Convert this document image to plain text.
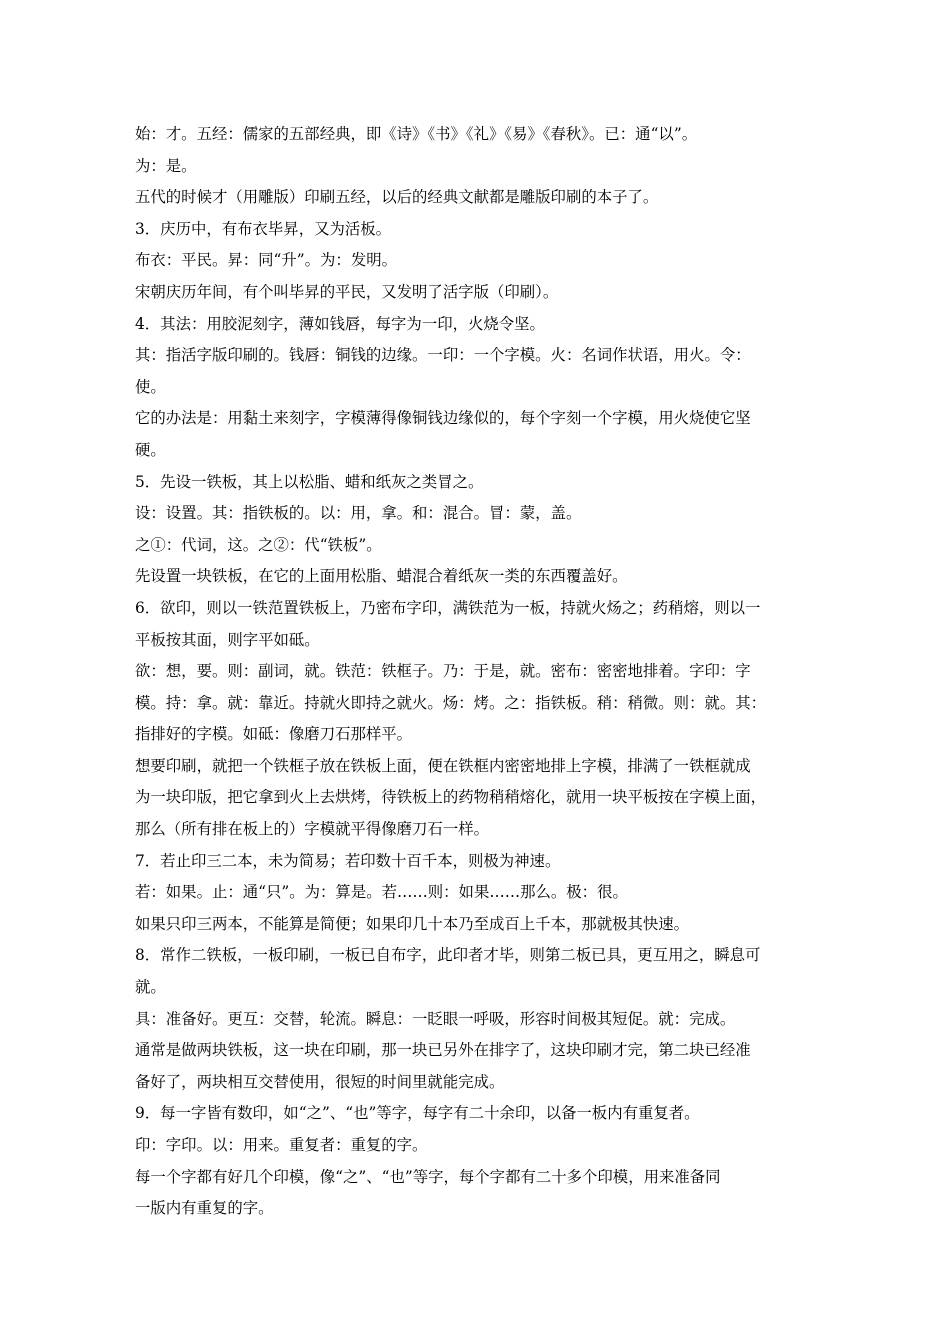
始：才。五经：儒家的五部经典，即《诗》《书》《礼》《易》《春秋》。已：通“以”。

为：是。

五代的时候才（用雕版）印刷五经，以后的经典文献都是雕版印刷的本子了。

3．庆历中，有布衣毕昇，又为活板。

布衣：平民。昇：同“升”。为：发明。

宋朝庆历年间，有个叫毕昇的平民，又发明了活字版（印刷）。

4．其法：用胶泥刻字，薄如钱唇，每字为一印，火烧令坚。

其：指活字版印刷的。钱唇：铜钱的边缘。一印：一个字模。火：名词作状语，用火。令：

使。

它的办法是：用黏土来刻字，字模薄得像铜钱边缘似的，每个字刻一个字模，用火烧使它坚

硬。

5．先设一铁板，其上以松脂、蜡和纸灰之类冒之。

设：设置。其：指铁板的。以：用，拿。和：混合。冒：蒙，盖。

之①：代词，这。之②：代“铁板”。

先设置一块铁板，在它的上面用松脂、蜡混合着纸灰一类的东西覆盖好。

6．欲印，则以一铁范置铁板上，乃密布字印，满铁范为一板，持就火炀之；药稍熔，则以一

平板按其面，则字平如砥。

欲：想，要。则：副词，就。铁范：铁框子。乃：于是，就。密布：密密地排着。字印：字

模。持：拿。就：靠近。持就火即持之就火。炀：烤。之：指铁板。稍：稍微。则：就。其：

指排好的字模。如砥：像磨刀石那样平。

想要印刷，就把一个铁框子放在铁板上面，便在铁框内密密地排上字模，排满了一铁框就成

为一块印版，把它拿到火上去烘烤，待铁板上的药物稍稍熔化，就用一块平板按在字模上面，

那么（所有排在板上的）字模就平得像磨刀石一样。

7．若止印三二本，未为简易；若印数十百千本，则极为神速。

若：如果。止：通“只”。为：算是。若……则：如果……那么。极：很。

如果只印三两本，不能算是简便；如果印几十本乃至成百上千本，那就极其快速。

8．常作二铁板，一板印刷，一板已自布字，此印者才毕，则第二板已具，更互用之，瞬息可

就。

具：准备好。更互：交替，轮流。瞬息：一眨眼一呼吸，形容时间极其短促。就：完成。

通常是做两块铁板，这一块在印刷，那一块已另外在排字了，这块印刷才完，第二块已经准

备好了，两块相互交替使用，很短的时间里就能完成。

9．每一字皆有数印，如“之”、“也”等字，每字有二十余印，以备一板内有重复者。

印：字印。以：用来。重复者：重复的字。

每一个字都有好几个印模，像“之”、“也”等字，每个字都有二十多个印模，用来准备同

一版内有重复的字。
